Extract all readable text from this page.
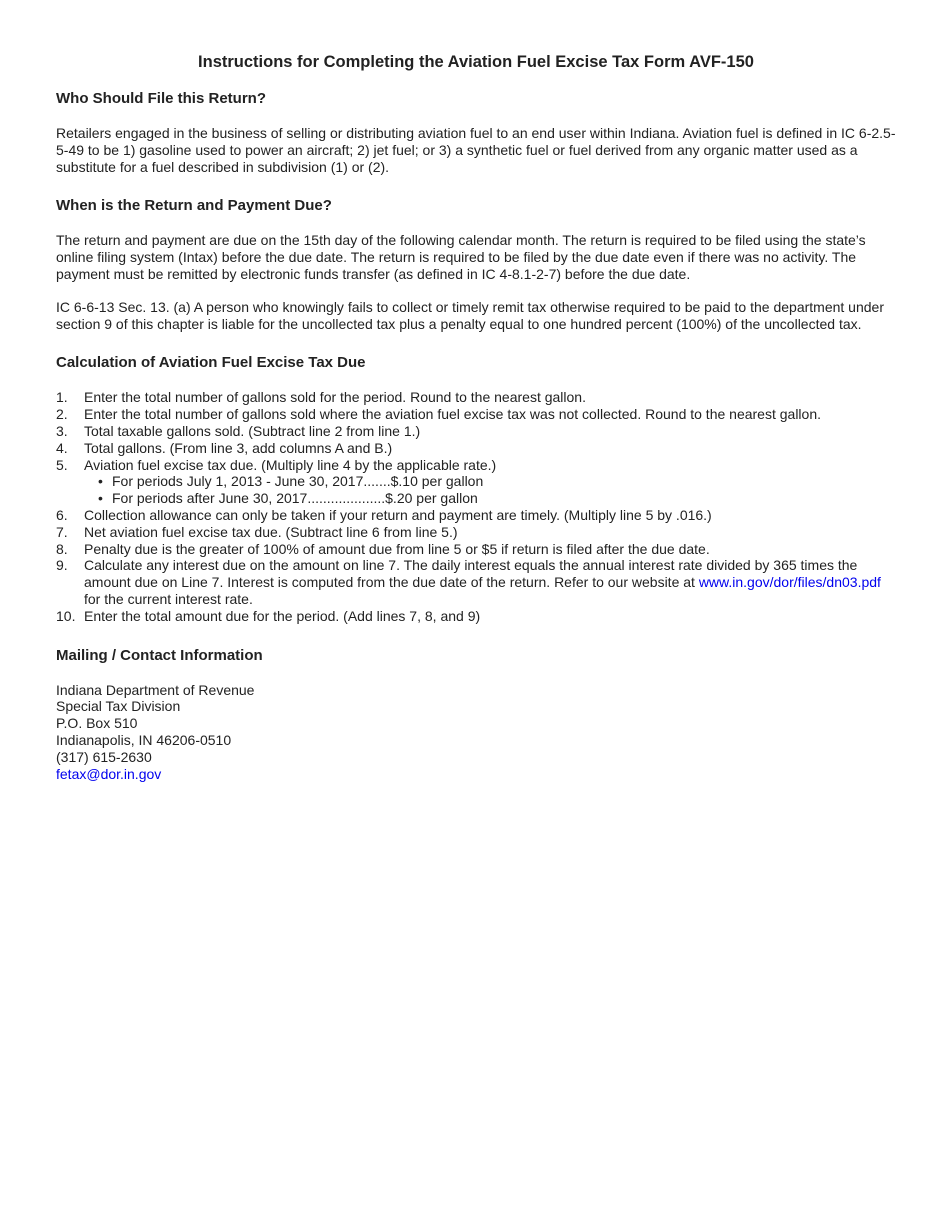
Instructions for Completing the Aviation Fuel Excise Tax Form AVF-150
Who Should File this Return?

Retailers engaged in the business of selling or distributing aviation fuel to an end user within Indiana. Aviation fuel is defined in IC 6-2.5-5-49 to be 1) gasoline used to power an aircraft; 2) jet fuel; or 3) a synthetic fuel or fuel derived from any organic matter used as a substitute for a fuel described in subdivision (1) or (2).

When is the Return and Payment Due?

The return and payment are due on the 15th day of the following calendar month. The return is required to be filed using the state’s online filing system (Intax) before the due date. The return is required to be filed by the due date even if there was no activity. The payment must be remitted by electronic funds transfer (as defined in IC 4-8.1-2-7) before the due date.

IC 6-6-13 Sec. 13. (a) A person who knowingly fails to collect or timely remit tax otherwise required to be paid to the department under section 9 of this chapter is liable for the uncollected tax plus a penalty equal to one hundred percent (100%) of the uncollected tax.

Calculation of Aviation Fuel Excise Tax Due
1. Enter the total number of gallons sold for the period. Round to the nearest gallon.
2. Enter the total number of gallons sold where the aviation fuel excise tax was not collected. Round to the nearest gallon.
3. Total taxable gallons sold. (Subtract line 2 from line 1.)
4. Total gallons. (From line 3, add columns A and B.)
5. Aviation fuel excise tax due. (Multiply line 4 by the applicable rate.)
• For periods July 1, 2013 - June 30, 2017.......$.10 per gallon
• For periods after June 30, 2017....................$.20 per gallon
6. Collection allowance can only be taken if your return and payment are timely. (Multiply line 5 by .016.)
7. Net aviation fuel excise tax due. (Subtract line 6 from line 5.)
8. Penalty due is the greater of 100% of amount due from line 5 or $5 if return is filed after the due date.
9. Calculate any interest due on the amount on line 7. The daily interest equals the annual interest rate divided by 365 times the amount due on Line 7. Interest is computed from the due date of the return. Refer to our website at www.in.gov/dor/files/dn03.pdf for the current interest rate.
10. Enter the total amount due for the period. (Add lines 7, 8, and 9)
Mailing / Contact Information
Indiana Department of Revenue
Special Tax Division
P.O. Box 510
Indianapolis, IN 46206-0510
(317) 615-2630
fetax@dor.in.gov
